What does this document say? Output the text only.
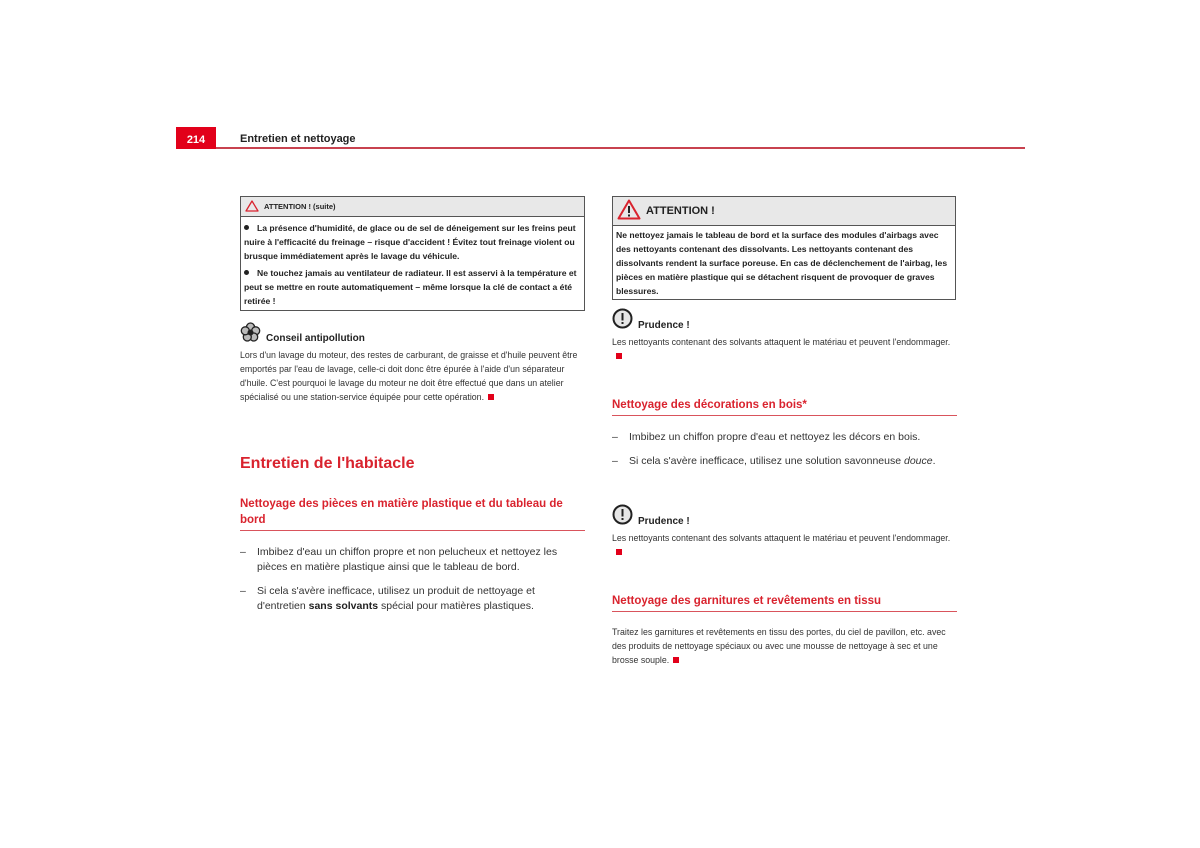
214	Entretien et nettoyage
ATTENTION ! (suite)

La présence d'humidité, de glace ou de sel de déneigement sur les freins peut nuire à l'efficacité du freinage – risque d'accident ! Évitez tout freinage violent ou brusque immédiatement après le lavage du véhicule.

Ne touchez jamais au ventilateur de radiateur. Il est asservi à la température et peut se mettre en route automatiquement – même lorsque la clé de contact a été retirée !

Conseil antipollution
Lors d'un lavage du moteur, des restes de carburant, de graisse et d'huile peuvent être emportés par l'eau de lavage, celle-ci doit donc être épurée à l'aide d'un séparateur d'huile. C'est pourquoi le lavage du moteur ne doit être effectué que dans un atelier spécialisé ou une station-service équipée pour cette opération.
Entretien de l'habitacle
Nettoyage des pièces en matière plastique et du tableau de bord
–	Imbibez d'eau un chiffon propre et non pelucheux et nettoyez les pièces en matière plastique ainsi que le tableau de bord.
–	Si cela s'avère inefficace, utilisez un produit de nettoyage et d'entretien sans solvants spécial pour matières plastiques.
ATTENTION !

Ne nettoyez jamais le tableau de bord et la surface des modules d'airbags avec des nettoyants contenant des dissolvants. Les nettoyants contenant des dissolvants rendent la surface poreuse. En cas de déclenchement de l'airbag, les pièces en matière plastique qui se détachent risquent de provoquer de graves blessures.

Prudence !
Les nettoyants contenant des solvants attaquent le matériau et peuvent l'endommager.
Nettoyage des décorations en bois*
–	Imbibez un chiffon propre d'eau et nettoyez les décors en bois.
–	Si cela s'avère inefficace, utilisez une solution savonneuse douce.
Prudence !
Les nettoyants contenant des solvants attaquent le matériau et peuvent l'endommager.
Nettoyage des garnitures et revêtements en tissu
Traitez les garnitures et revêtements en tissu des portes, du ciel de pavillon, etc. avec des produits de nettoyage spéciaux ou avec une mousse de nettoyage à sec et une brosse souple.
